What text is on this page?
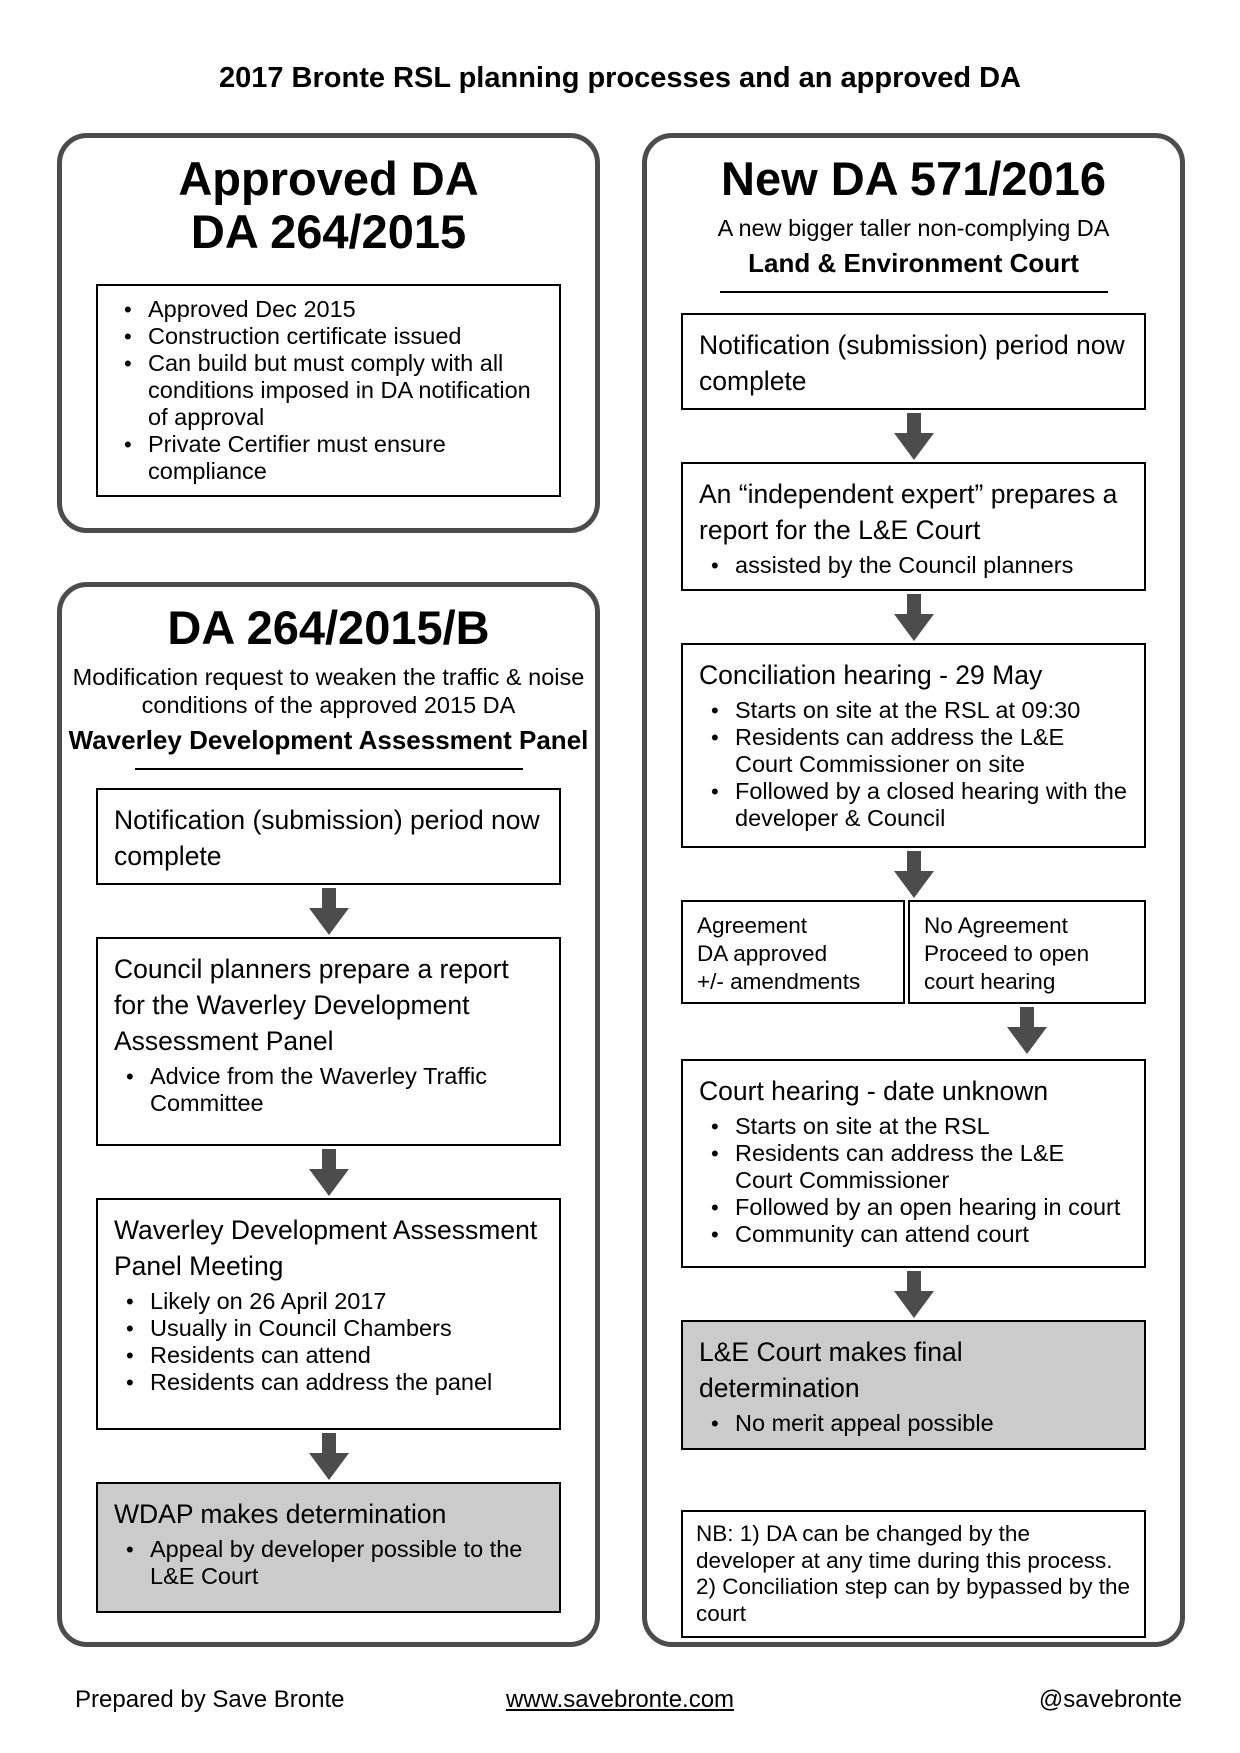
2017 Bronte RSL planning processes and an approved DA
Approved DA
DA 264/2015
• Approved Dec 2015
• Construction certificate issued
• Can build but must comply with all conditions imposed in DA notification of approval
• Private Certifier must ensure compliance
DA 264/2015/B
Modification request to weaken the traffic & noise conditions of the approved 2015 DA
Waverley Development Assessment Panel
Notification (submission) period now complete
Council planners prepare a report for the Waverley Development Assessment Panel
• Advice from the Waverley Traffic Committee
Waverley Development Assessment Panel Meeting
• Likely on 26 April 2017
• Usually in Council Chambers
• Residents can attend
• Residents can address the panel
WDAP makes determination
• Appeal by developer possible to the L&E Court
New DA 571/2016
A new bigger taller non-complying DA
Land & Environment Court
Notification (submission) period now complete
An “independent expert” prepares a report for the L&E Court
• assisted by the Council planners
Conciliation hearing - 29 May
• Starts on site at the RSL at 09:30
• Residents can address the L&E Court Commissioner on site
• Followed by a closed hearing with the developer & Council
Agreement
DA approved
+/- amendments
No Agreement
Proceed to open
court hearing
Court hearing - date unknown
• Starts on site at the RSL
• Residents can address the L&E Court Commissioner
• Followed by an open hearing in court
• Community can attend court
L&E Court makes final determination
• No merit appeal possible
NB: 1) DA can be changed by the developer at any time during this process.
2) Conciliation step can by bypassed by the court
Prepared by Save Bronte	www.savebronte.com	@savebronte
